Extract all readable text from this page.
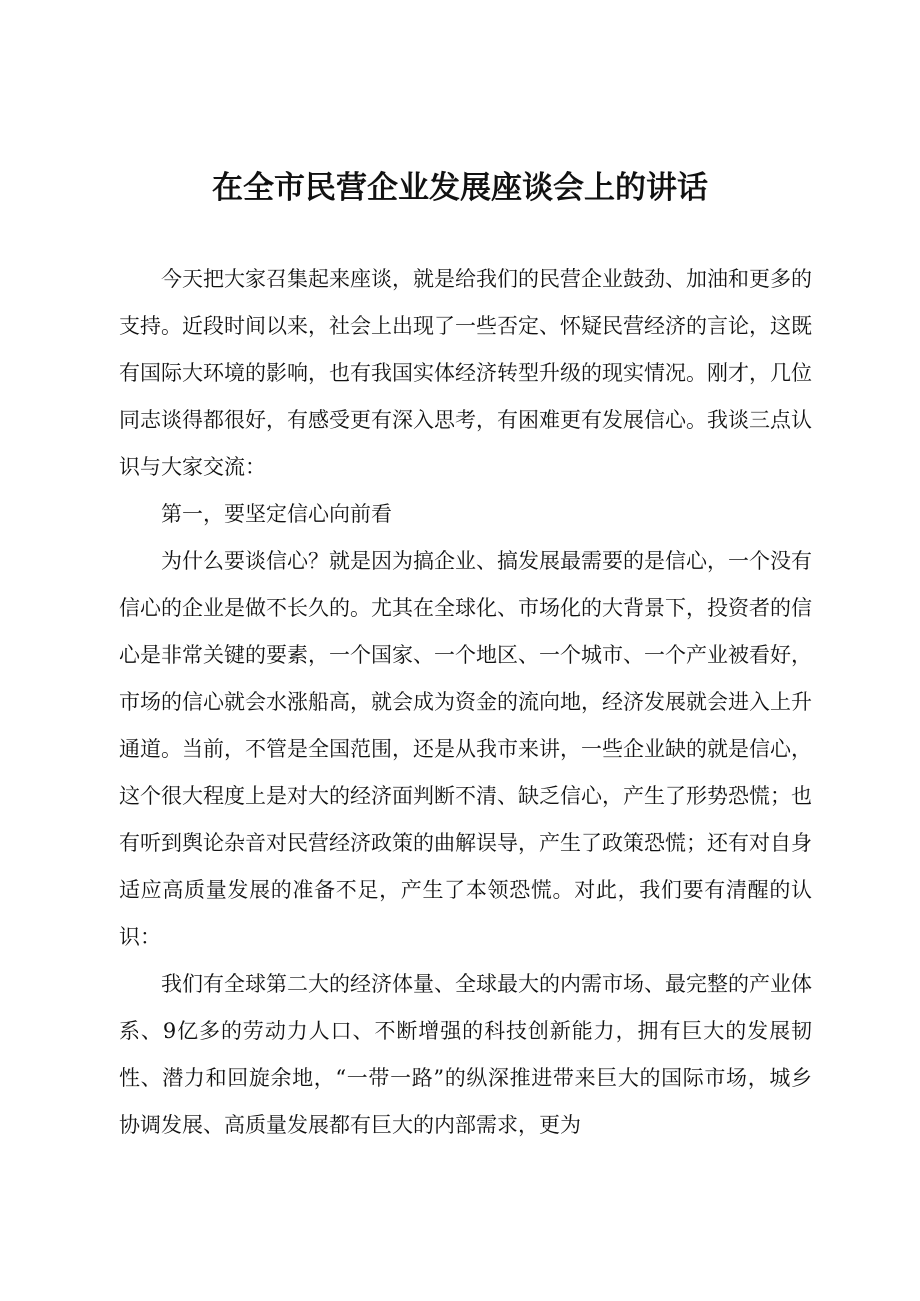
在全市民营企业发展座谈会上的讲话

今天把大家召集起来座谈，就是给我们的民营企业鼓劲、加油和更多的支持。近段时间以来，社会上出现了一些否定、怀疑民营经济的言论，这既有国际大环境的影响，也有我国实体经济转型升级的现实情况。刚才，几位同志谈得都很好，有感受更有深入思考，有困难更有发展信心。我谈三点认识与大家交流：

第一，要坚定信心向前看

为什么要谈信心？就是因为搞企业、搞发展最需要的是信心，一个没有信心的企业是做不长久的。尤其在全球化、市场化的大背景下，投资者的信心是非常关键的要素，一个国家、一个地区、一个城市、一个产业被看好，市场的信心就会水涨船高，就会成为资金的流向地，经济发展就会进入上升通道。当前，不管是全国范围，还是从我市来讲，一些企业缺的就是信心，这个很大程度上是对大的经济面判断不清、缺乏信心，产生了形势恐慌；也有听到舆论杂音对民营经济政策的曲解误导，产生了政策恐慌；还有对自身适应高质量发展的准备不足，产生了本领恐慌。对此，我们要有清醒的认识：

我们有全球第二大的经济体量、全球最大的内需市场、最完整的产业体系、9亿多的劳动力人口、不断增强的科技创新能力，拥有巨大的发展韧性、潜力和回旋余地，“一带一路”的纵深推进带来巨大的国际市场，城乡协调发展、高质量发展都有巨大的内部需求，更为
